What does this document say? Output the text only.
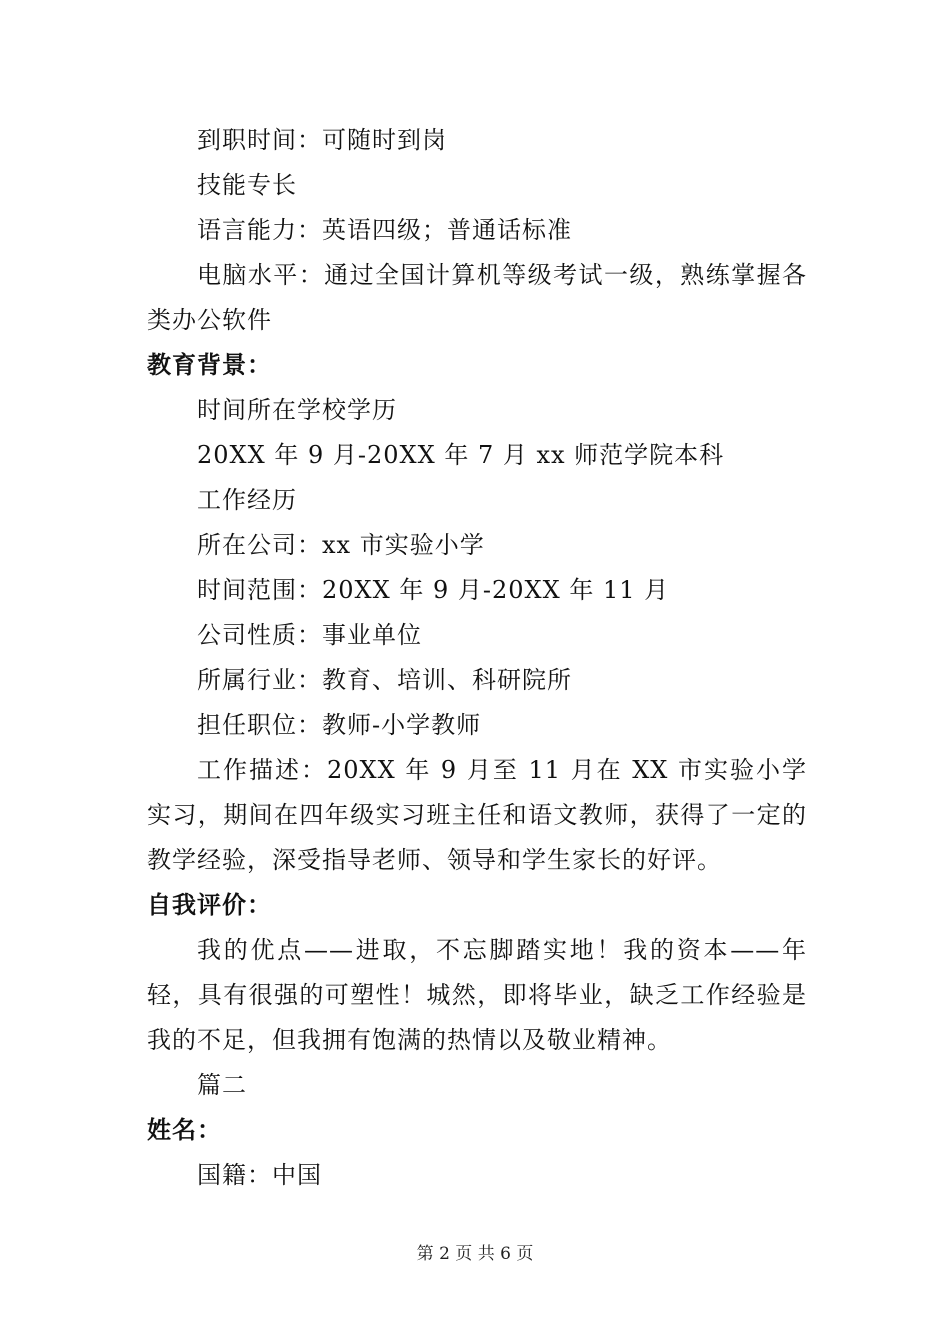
到职时间：可随时到岗

技能专长

语言能力：英语四级；普通话标准

电脑水平：通过全国计算机等级考试一级，熟练掌握各类办公软件

教育背景：

时间所在学校学历

20XX 年 9 月-20XX 年 7 月 xx 师范学院本科

工作经历

所在公司：xx 市实验小学

时间范围：20XX 年 9 月-20XX 年 11 月

公司性质：事业单位

所属行业：教育、培训、科研院所

担任职位：教师-小学教师

工作描述：20XX 年 9 月至 11 月在 XX 市实验小学实习，期间在四年级实习班主任和语文教师，获得了一定的教学经验，深受指导老师、领导和学生家长的好评。

自我评价：

我的优点——进取，不忘脚踏实地！我的资本——年轻，具有很强的可塑性！城然，即将毕业，缺乏工作经验是我的不足，但我拥有饱满的热情以及敬业精神。

篇二

姓名：

国籍：中国

第 2 页 共 6 页
